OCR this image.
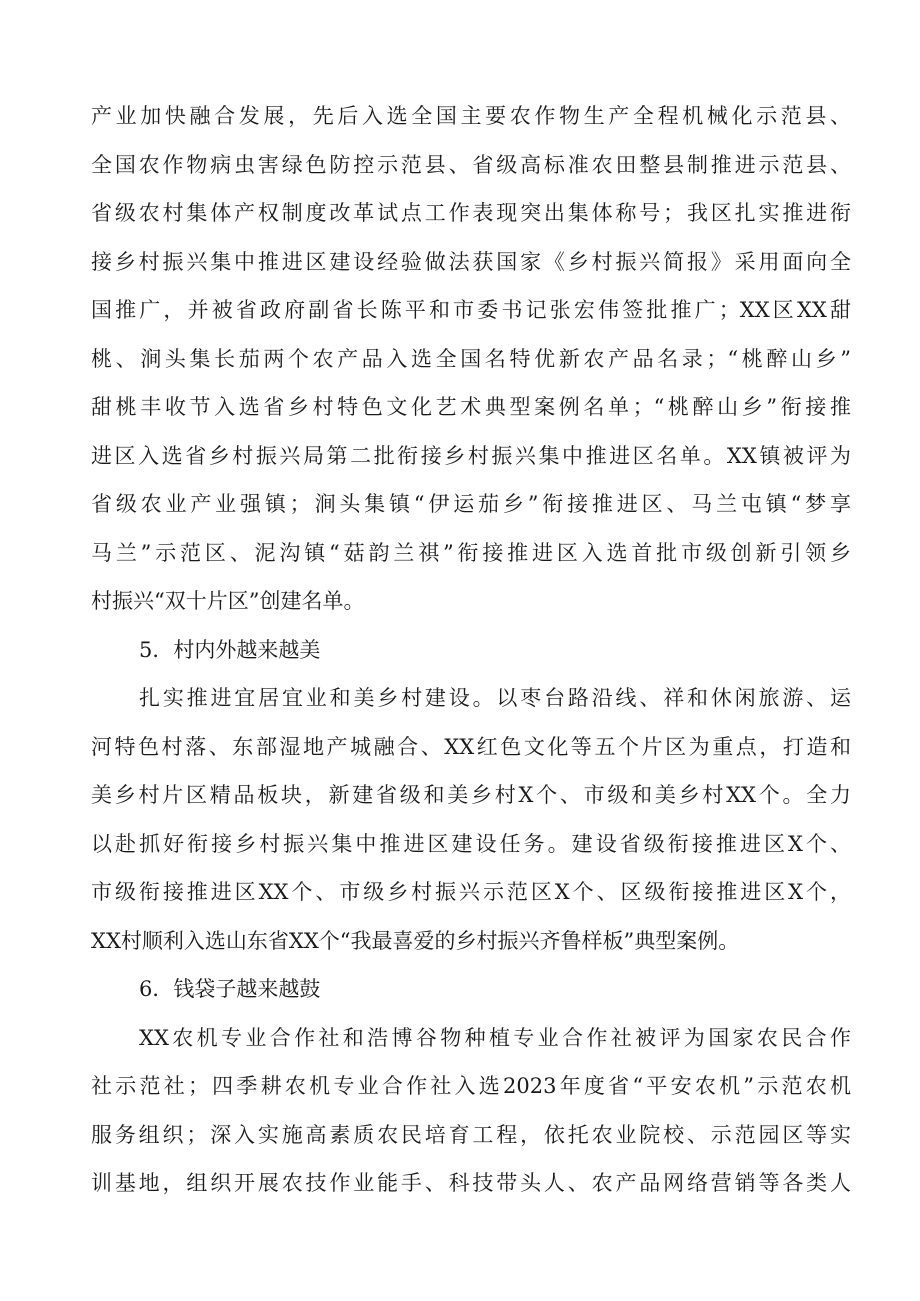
产业加快融合发展，先后入选全国主要农作物生产全程机械化示范县、
全国农作物病虫害绿色防控示范县、省级高标准农田整县制推进示范县、
省级农村集体产权制度改革试点工作表现突出集体称号；我区扎实推进衔
接乡村振兴集中推进区建设经验做法获国家《乡村振兴简报》采用面向全
国推广，并被省政府副省长陈平和市委书记张宏伟签批推广；XX区XX甜
桃、涧头集长茄两个农产品入选全国名特优新农产品名录；“桃醉山乡”
甜桃丰收节入选省乡村特色文化艺术典型案例名单；“桃醉山乡”衔接推
进区入选省乡村振兴局第二批衔接乡村振兴集中推进区名单。XX镇被评为
省级农业产业强镇；涧头集镇“伊运茄乡”衔接推进区、马兰屯镇“梦享
马兰”示范区、泥沟镇“菇韵兰祺”衔接推进区入选首批市级创新引领乡
村振兴“双十片区”创建名单。
5．村内外越来越美
扎实推进宜居宜业和美乡村建设。以枣台路沿线、祥和休闲旅游、运
河特色村落、东部湿地产城融合、XX红色文化等五个片区为重点，打造和
美乡村片区精品板块，新建省级和美乡村X个、市级和美乡村XX个。全力
以赴抓好衔接乡村振兴集中推进区建设任务。建设省级衔接推进区X个、
市级衔接推进区XX个、市级乡村振兴示范区X个、区级衔接推进区X个，
XX村顺利入选山东省XX个“我最喜爱的乡村振兴齐鲁样板”典型案例。
6．钱袋子越来越鼓
XX农机专业合作社和浩博谷物种植专业合作社被评为国家农民合作
社示范社；四季耕农机专业合作社入选2023年度省“平安农机”示范农机
服务组织；深入实施高素质农民培育工程，依托农业院校、示范园区等实
训基地，组织开展农技作业能手、科技带头人、农产品网络营销等各类人
